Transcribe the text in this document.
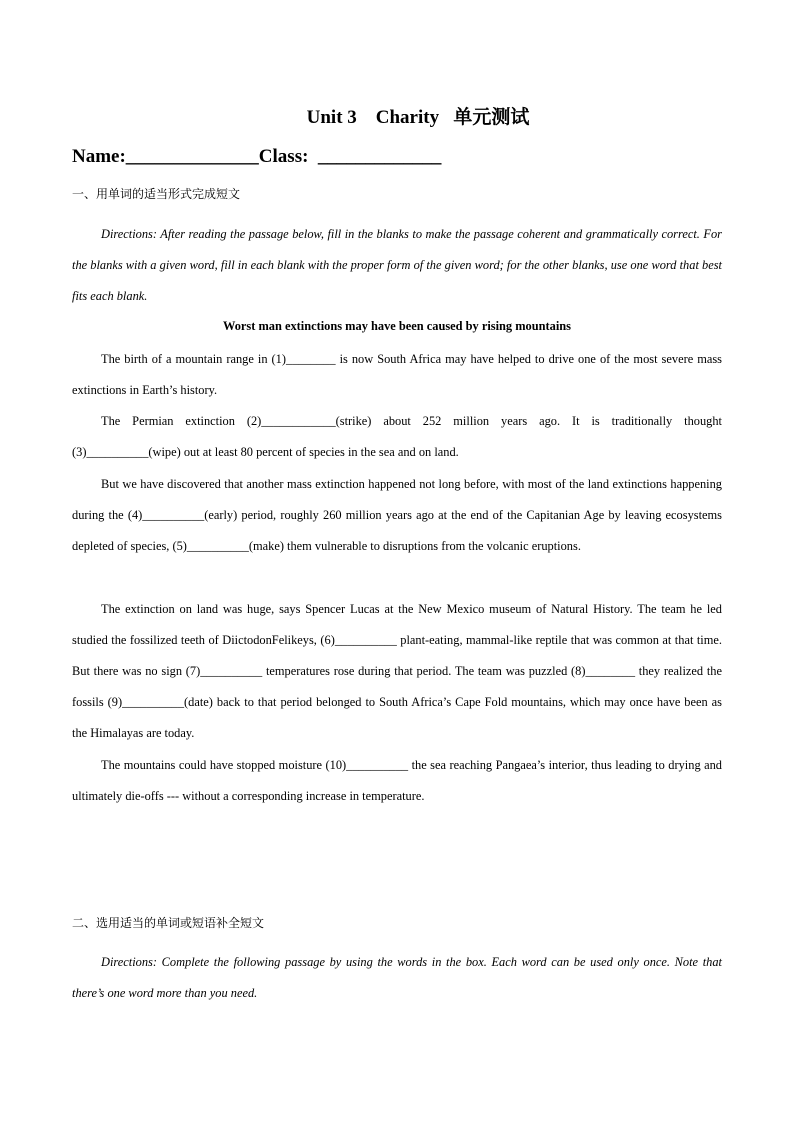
Unit 3    Charity   单元测试
Name:______________Class:  _____________
一、用单词的适当形式完成短文
Directions: After reading the passage below, fill in the blanks to make the passage coherent and grammatically correct. For the blanks with a given word, fill in each blank with the proper form of the given word; for the other blanks, use one word that best fits each blank.
Worst man extinctions may have been caused by rising mountains
The birth of a mountain range in (1)________ is now South Africa may have helped to drive one of the most severe mass extinctions in Earth’s history.
The Permian extinction (2)____________(strike) about 252 million years ago. It is traditionally thought (3)__________(wipe) out at least 80 percent of species in the sea and on land.
But we have discovered that another mass extinction happened not long before, with most of the land extinctions happening during the (4)__________(early) period, roughly 260 million years ago at the end of the Capitanian Age by leaving ecosystems depleted of species, (5)__________(make) them vulnerable to disruptions from the volcanic eruptions.
The extinction on land was huge, says Spencer Lucas at the New Mexico museum of Natural History. The team he led studied the fossilized teeth of DiictodonFelikeys, (6)__________ plant-eating, mammal-like reptile that was common at that time. But there was no sign (7)__________ temperatures rose during that period. The team was puzzled (8)________ they realized the fossils (9)__________(date) back to that period belonged to South Africa’s Cape Fold mountains, which may once have been as the Himalayas are today.
The mountains could have stopped moisture (10)__________ the sea reaching Pangaea’s interior, thus leading to drying and ultimately die-offs --- without a corresponding increase in temperature.
二、选用适当的单词或短语补全短文
Directions: Complete the following passage by using the words in the box. Each word can be used only once. Note that there’s one word more than you need.
